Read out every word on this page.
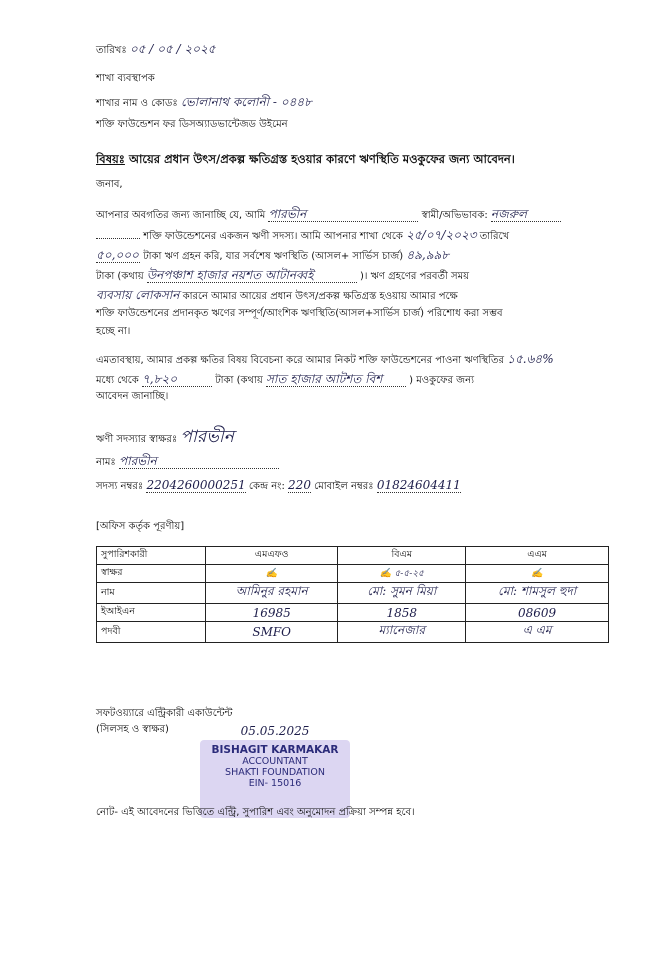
তারিখঃ ০৫ / ০৫ / ২০২৫
শাখা ব্যবস্থাপক
শাখার নাম ও কোডঃ ভোলানাথ কলোনী - ০৪৪৮
শক্তি ফাউন্ডেশন ফর ডিসঅ্যাডভান্টেজড উইমেন
বিষয়ঃ আয়ের প্রধান উৎস/প্রকল্প ক্ষতিগ্রস্ত হওয়ার কারণে ঋণস্থিতি মওকুফের জন্য আবেদন।
জনাব,
আপনার অবগতির জন্য জানাচ্ছি যে, আমি পারভীন	স্বামী/অভিভাবক: নজরুল
শক্তি ফাউন্ডেশনের একজন ঋণী সদস্য। আমি আপনার শাখা থেকে ২৫/০৭/২০২৩ তারিখে
৫০,০০০ টাকা ঋণ গ্রহন করি, যার সর্বশেষ ঋণস্থিতি (আসল+ সার্ভিস চার্জ) ৪৯,৯৯৮
টাকা (কথায় উনপঞ্চাশ হাজার নয়শত আটানব্বই	)। ঋণ গ্রহণের পরবর্তী সময়
ব্যবসায় লোকসান কারনে আমার আয়ের প্রধান উৎস/প্রকল্প ক্ষতিগ্রস্ত হওয়ায় আমার পক্ষে
শক্তি ফাউন্ডেশনের প্রদানকৃত ঋণের সম্পূর্ণ/আংশিক ঋণস্থিতি(আসল+সার্ভিস চার্জ) পরিশোধ করা সম্ভব
হচ্ছে না।
এমতাবস্থায়, আমার প্রকল্প ক্ষতির বিষয় বিবেচনা করে আমার নিকট শক্তি ফাউন্ডেশনের পাওনা ঋণস্থিতির ১৫.৬৪%
মধ্যে থেকে ৭,৮২০	টাকা (কথায় সাত হাজার আটশত বিশ	) মওকুফের জন্য
আবেদন জানাচ্ছি।
ঋণী সদস্যার স্বাক্ষরঃ পারভীন
নামঃ পারভীন
সদস্য নম্বরঃ 2204260000251 কেন্দ্র নং: 220 মোবাইল নম্বরঃ 01824604411
[অফিস কর্তৃক পূরণীয়]
সুপারিশকারী	এমএফও	বিএম	এএম
স্বাক্ষর	✍	✍ ৫-৫-২৫	✍
নাম	আমিনুর রহমান	মো: সুমন মিয়া	মো: শামসুল হুদা
ইআইএন	16985	1858	08609
পদবী	SMFO	ম্যানেজার	এ এম
সফটওয়্যারে এন্ট্রিকারী একাউন্টেন্ট
(সিলসহ ও স্বাক্ষর)	05.05.2025
BISHAGIT KARMAKAR
ACCOUNTANT
SHAKTI FOUNDATION
EIN- 15016
নোট- এই আবেদনের ভিত্তিতে এন্ট্রি, সুপারিশ এবং অনুমোদন প্রক্রিয়া সম্পন্ন হবে।
